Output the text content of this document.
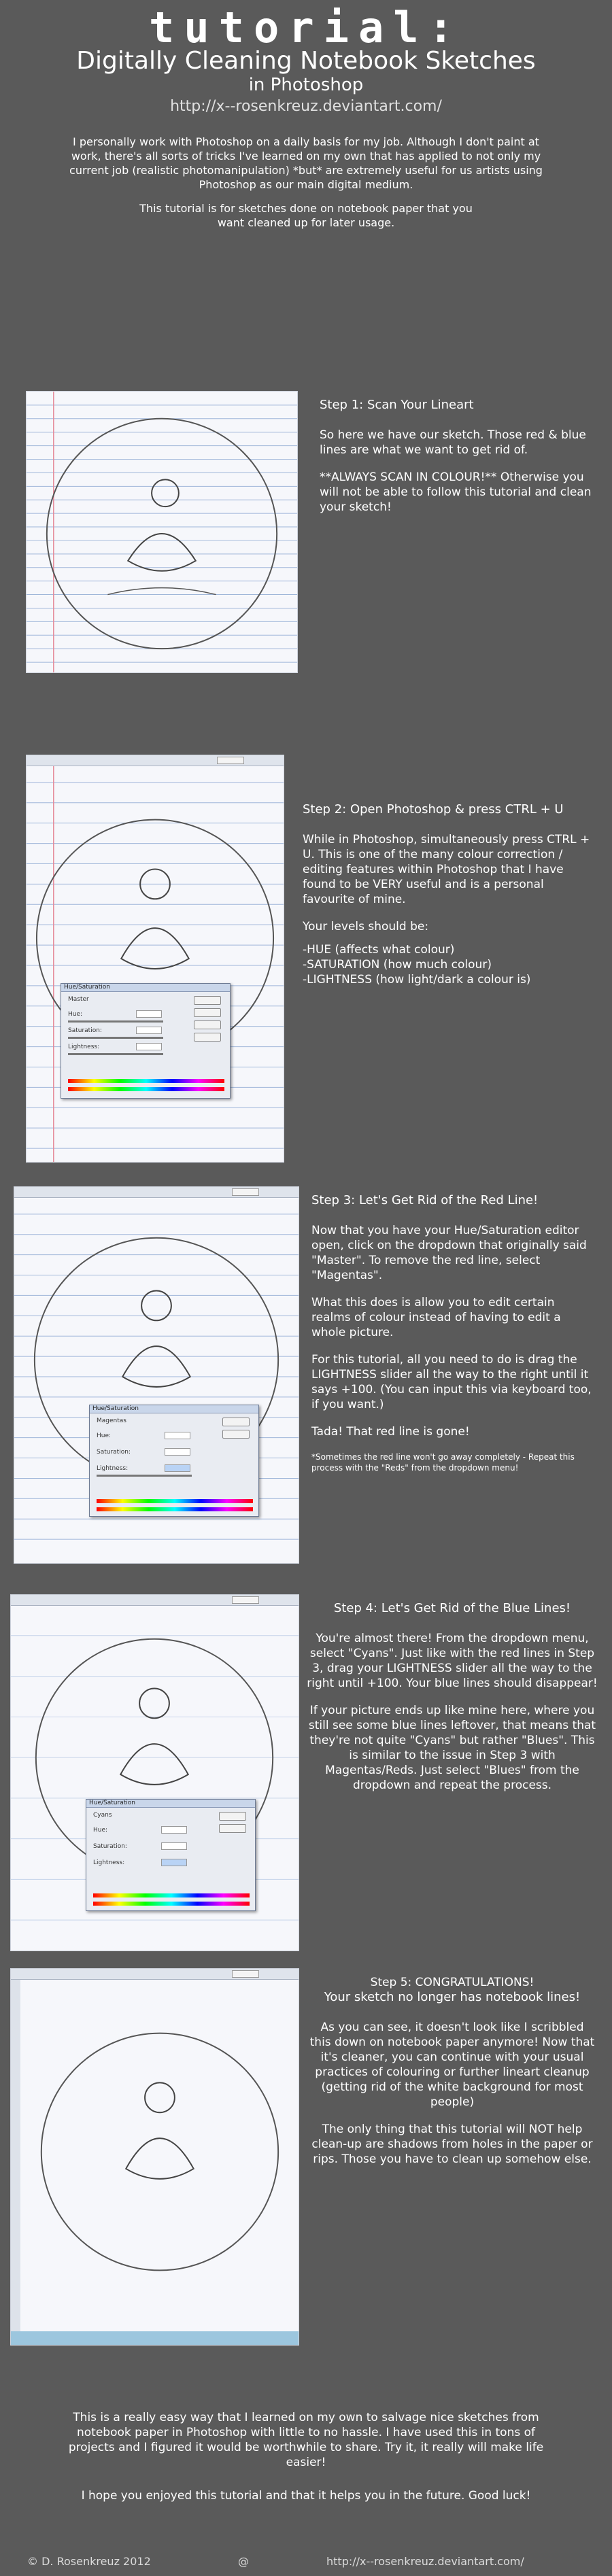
tutorial:
Digitally Cleaning Notebook Sketches
in Photoshop
http://x--rosenkreuz.deviantart.com/

I personally work with Photoshop on a daily basis for my job. Although I don't paint at work, there's all sorts of tricks I've learned on my own that has applied to not only my current job (realistic photomanipulation) *but* are extremely useful for us artists using Photoshop as our main digital medium.

This tutorial is for sketches done on notebook paper that you want cleaned up for later usage.

Step 1: Scan Your Lineart

So here we have our sketch. Those red & blue lines are what we want to get rid of.

**ALWAYS SCAN IN COLOUR!** Otherwise you will not be able to follow this tutorial and clean your sketch!

Hue/Saturation
Master
Hue:
Saturation:
Lightness:
Step 2: Open Photoshop & press CTRL + U

While in Photoshop, simultaneously press CTRL + U. This is one of the many colour correction / editing features within Photoshop that I have found to be VERY useful and is a personal favourite of mine.

Your levels should be:

-HUE (affects what colour)
-SATURATION (how much colour)
-LIGHTNESS (how light/dark a colour is)
Hue/Saturation
Magentas
Hue:
Saturation:
Lightness:
Step 3: Let's Get Rid of the Red Line!

Now that you have your Hue/Saturation editor open, click on the dropdown that originally said "Master". To remove the red line, select "Magentas".

What this does is allow you to edit certain realms of colour instead of having to edit a whole picture.

For this tutorial, all you need to do is drag the LIGHTNESS slider all the way to the right until it says +100. (You can input this via keyboard too, if you want.)

Tada! That red line is gone!

*Sometimes the red line won't go away completely - Repeat this process with the "Reds" from the dropdown menu!
Hue/Saturation
Cyans
Hue:
Saturation:
Lightness:
Step 4: Let's Get Rid of the Blue Lines!

You're almost there! From the dropdown menu, select "Cyans". Just like with the red lines in Step 3, drag your LIGHTNESS slider all the way to the right until +100. Your blue lines should disappear!

If your picture ends up like mine here, where you still see some blue lines leftover, that means that they're not quite "Cyans" but rather "Blues". This is similar to the issue in Step 3 with Magentas/Reds. Just select "Blues" from the dropdown and repeat the process.

Step 5: CONGRATULATIONS!
Your sketch no longer has notebook lines!

As you can see, it doesn't look like I scribbled this down on notebook paper anymore! Now that it's cleaner, you can continue with your usual practices of colouring or further lineart cleanup (getting rid of the white background for most people)

The only thing that this tutorial will NOT help clean-up are shadows from holes in the paper or rips. Those you have to clean up somehow else.

This is a really easy way that I learned on my own to salvage nice sketches from notebook paper in Photoshop with little to no hassle. I have used this in tons of projects and I figured it would be worthwhile to share. Try it, it really will make life easier!
I hope you enjoyed this tutorial and that it helps you in the future. Good luck!
© D. Rosenkreuz 2012	@	http://x--rosenkreuz.deviantart.com/
